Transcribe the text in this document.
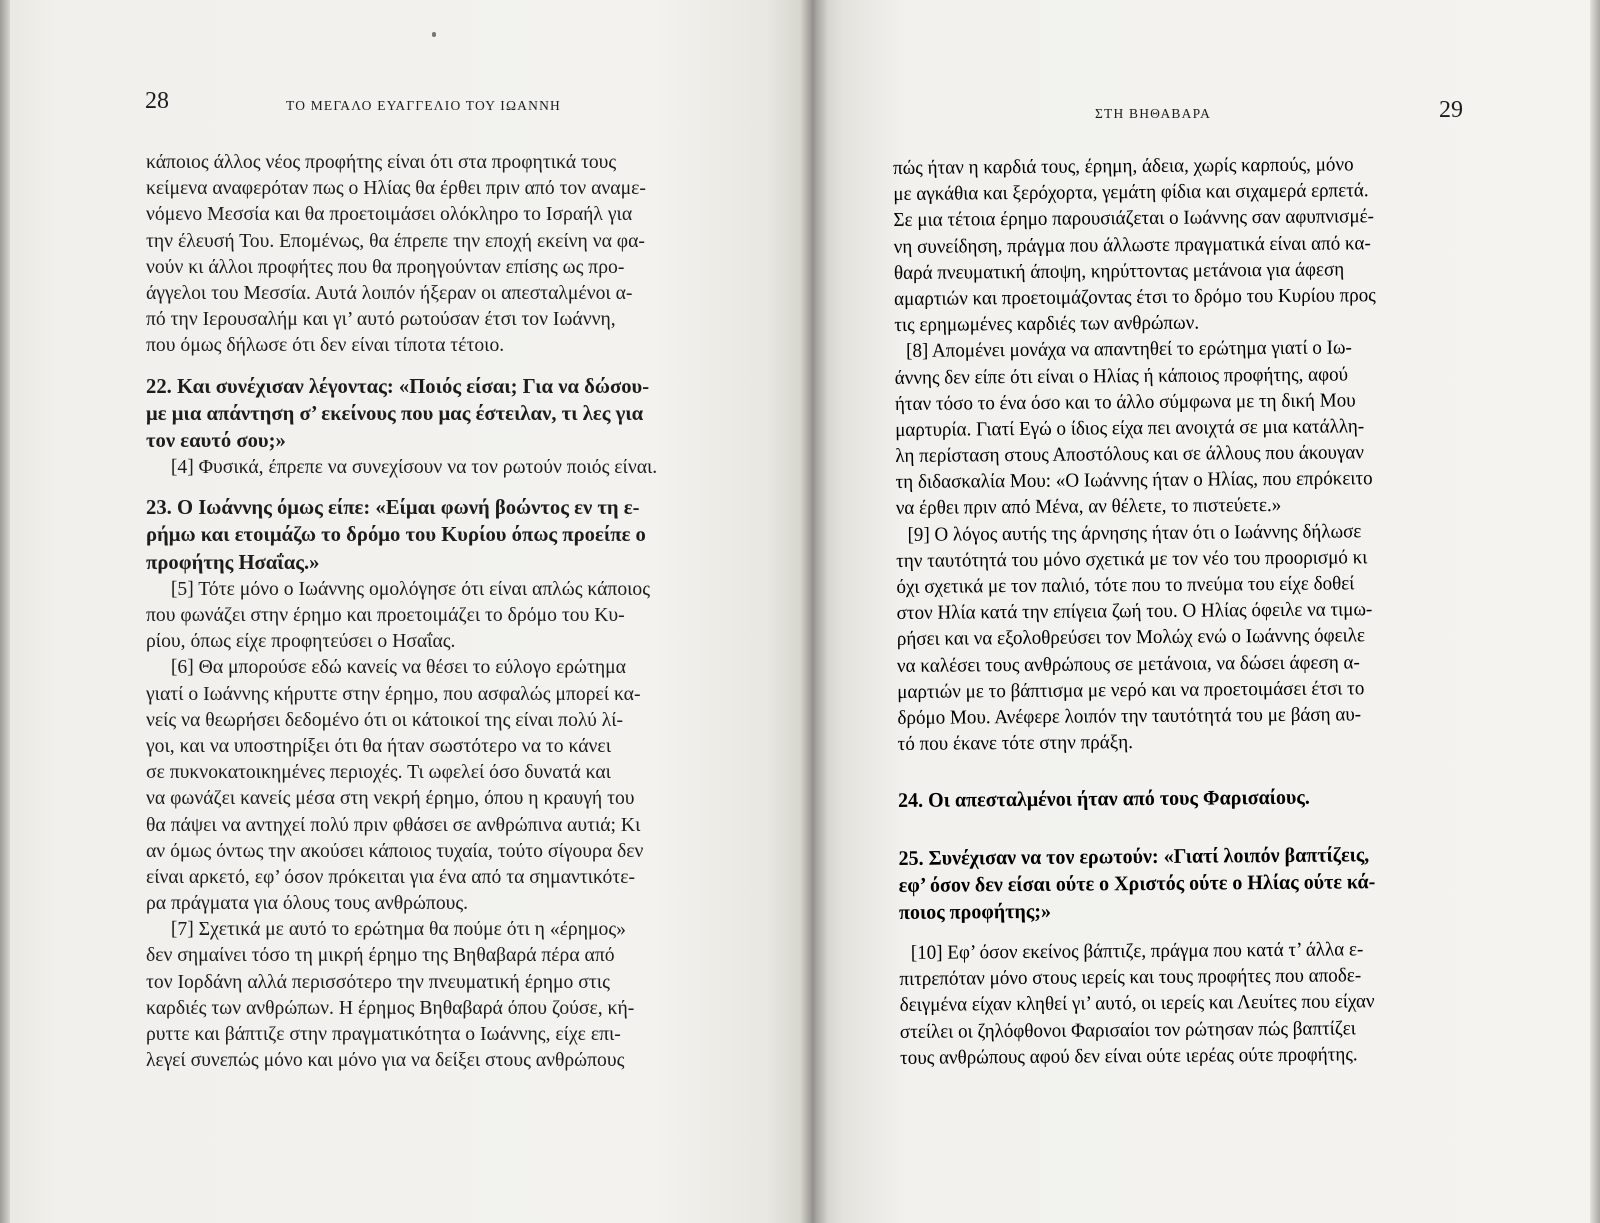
28	ΤΟ ΜΕΓΑΛΟ ΕΥΑΓΓΕΛΙΟ ΤΟΥ ΙΩΑΝΝΗ
κάποιος άλλος νέος προφήτης είναι ότι στα προφητικά τους
κείμενα αναφερόταν πως ο Ηλίας θα έρθει πριν από τον αναμε-
νόμενο Μεσσία και θα προετοιμάσει ολόκληρο το Ισραήλ για
την έλευσή Του. Επομένως, θα έπρεπε την εποχή εκείνη να φα-
νούν κι άλλοι προφήτες που θα προηγούνταν επίσης ως προ-
άγγελοι του Μεσσία. Αυτά λοιπόν ήξεραν οι απεσταλμένοι α-
πό την Ιερουσαλήμ και γι’ αυτό ρωτούσαν έτσι τον Ιωάννη,
που όμως δήλωσε ότι δεν είναι τίποτα τέτοιο.
22. Και συνέχισαν λέγοντας: «Ποιός είσαι; Για να δώσου-
με μια απάντηση σ’ εκείνους που μας έστειλαν, τι λες για
τον εαυτό σου;»
[4] Φυσικά, έπρεπε να συνεχίσουν να τον ρωτούν ποιός είναι.
23. Ο Ιωάννης όμως είπε: «Είμαι φωνή βοώντος εν τη ε-
ρήμω και ετοιμάζω το δρόμο του Κυρίου όπως προείπε ο
προφήτης Ησαΐας.»
[5] Τότε μόνο ο Ιωάννης ομολόγησε ότι είναι απλώς κάποιος
που φωνάζει στην έρημο και προετοιμάζει το δρόμο του Κυ-
ρίου, όπως είχε προφητεύσει ο Ησαΐας.
[6] Θα μπορούσε εδώ κανείς να θέσει το εύλογο ερώτημα
γιατί ο Ιωάννης κήρυττε στην έρημο, που ασφαλώς μπορεί κα-
νείς να θεωρήσει δεδομένο ότι οι κάτοικοί της είναι πολύ λί-
γοι, και να υποστηρίξει ότι θα ήταν σωστότερο να το κάνει
σε πυκνοκατοικημένες περιοχές. Τι ωφελεί όσο δυνατά και
να φωνάζει κανείς μέσα στη νεκρή έρημο, όπου η κραυγή του
θα πάψει να αντηχεί πολύ πριν φθάσει σε ανθρώπινα αυτιά; Κι
αν όμως όντως την ακούσει κάποιος τυχαία, τούτο σίγουρα δεν
είναι αρκετό, εφ’ όσον πρόκειται για ένα από τα σημαντικότε-
ρα πράγματα για όλους τους ανθρώπους.
[7] Σχετικά με αυτό το ερώτημα θα πούμε ότι η «έρημος»
δεν σημαίνει τόσο τη μικρή έρημο της Βηθαβαρά πέρα από
τον Ιορδάνη αλλά περισσότερο την πνευματική έρημο στις
καρδιές των ανθρώπων. Η έρημος Βηθαβαρά όπου ζούσε, κή-
ρυττε και βάπτιζε στην πραγματικότητα ο Ιωάννης, είχε επι-
λεγεί συνεπώς μόνο και μόνο για να δείξει στους ανθρώπους
ΣΤΗ ΒΗΘΑΒΑΡΑ	29
πώς ήταν η καρδιά τους, έρημη, άδεια, χωρίς καρπούς, μόνο
με αγκάθια και ξερόχορτα, γεμάτη φίδια και σιχαμερά ερπετά.
Σε μια τέτοια έρημο παρουσιάζεται ο Ιωάννης σαν αφυπνισμέ-
νη συνείδηση, πράγμα που άλλωστε πραγματικά είναι από κα-
θαρά πνευματική άποψη, κηρύττοντας μετάνοια για άφεση
αμαρτιών και προετοιμάζοντας έτσι το δρόμο του Κυρίου προς
τις ερημωμένες καρδιές των ανθρώπων.
[8] Απομένει μονάχα να απαντηθεί το ερώτημα γιατί ο Ιω-
άννης δεν είπε ότι είναι ο Ηλίας ή κάποιος προφήτης, αφού
ήταν τόσο το ένα όσο και το άλλο σύμφωνα με τη δική Μου
μαρτυρία. Γιατί Εγώ ο ίδιος είχα πει ανοιχτά σε μια κατάλλη-
λη περίσταση στους Αποστόλους και σε άλλους που άκουγαν
τη διδασκαλία Μου: «Ο Ιωάννης ήταν ο Ηλίας, που επρόκειτο
να έρθει πριν από Μένα, αν θέλετε, το πιστεύετε.»
[9] Ο λόγος αυτής της άρνησης ήταν ότι ο Ιωάννης δήλωσε
την ταυτότητά του μόνο σχετικά με τον νέο του προορισμό κι
όχι σχετικά με τον παλιό, τότε που το πνεύμα του είχε δοθεί
στον Ηλία κατά την επίγεια ζωή του. Ο Ηλίας όφειλε να τιμω-
ρήσει και να εξολοθρεύσει τον Μολώχ ενώ ο Ιωάννης όφειλε
να καλέσει τους ανθρώπους σε μετάνοια, να δώσει άφεση α-
μαρτιών με το βάπτισμα με νερό και να προετοιμάσει έτσι το
δρόμο Μου. Ανέφερε λοιπόν την ταυτότητά του με βάση αυ-
τό που έκανε τότε στην πράξη.
24. Οι απεσταλμένοι ήταν από τους Φαρισαίους.
25. Συνέχισαν να τον ερωτούν: «Γιατί λοιπόν βαπτίζεις,
εφ’ όσον δεν είσαι ούτε ο Χριστός ούτε ο Ηλίας ούτε κά-
ποιος προφήτης;»
[10] Εφ’ όσον εκείνος βάπτιζε, πράγμα που κατά τ’ άλλα ε-
πιτρεπόταν μόνο στους ιερείς και τους προφήτες που αποδε-
δειγμένα είχαν κληθεί γι’ αυτό, οι ιερείς και Λευίτες που είχαν
στείλει οι ζηλόφθονοι Φαρισαίοι τον ρώτησαν πώς βαπτίζει
τους ανθρώπους αφού δεν είναι ούτε ιερέας ούτε προφήτης.
